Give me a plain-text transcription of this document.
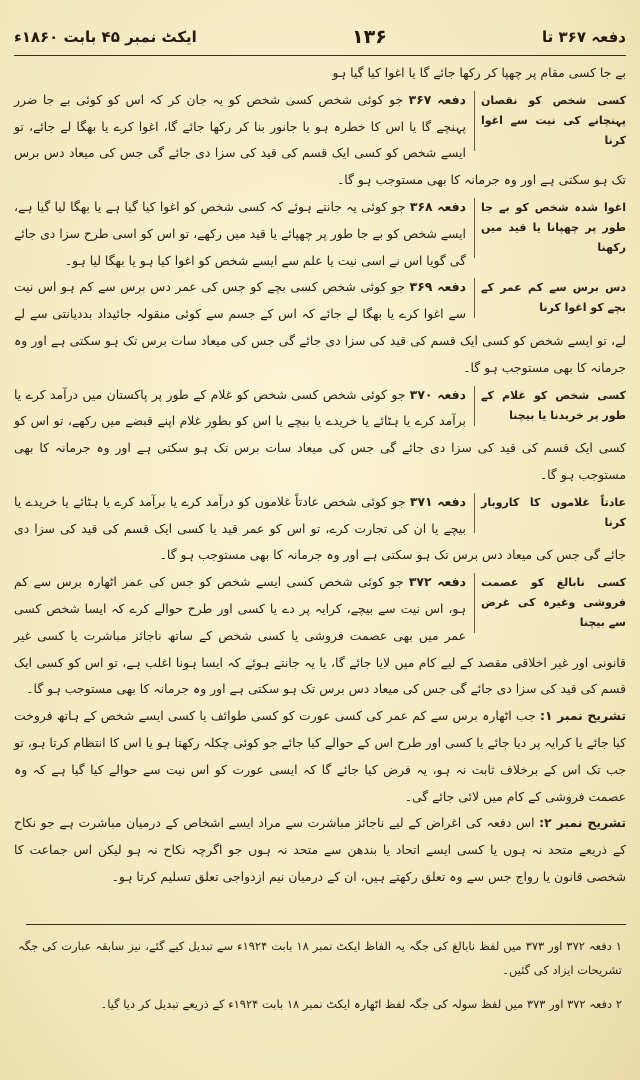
دفعہ ۳۶۷ تا
۱۳۶
ایکٹ نمبر ۴۵ بابت ۱۸۶۰ء

بے جا کسی مقام پر چھپا کر رکھا جائے گا یا اغوا کیا گیا ہو

کسی شخص کو نقصان پہنچانے کی نیت سے اغوا کرنا
دفعہ ۳۶۷ جو کوئی شخص کسی شخص کو یہ جان کر کہ اس کو کوئی بے جا ضرر پہنچے گا یا اس کا خطرہ ہو یا جانور بنا کر رکھا جائے گا، اغوا کرے یا بھگا لے جائے، تو ایسے شخص کو کسی ایک قسم کی قید کی سزا دی جائے گی جس کی میعاد دس برس تک ہو سکتی ہے اور وہ جرمانہ کا بھی مستوجب ہو گا۔
اغوا شدہ شخص کو بے جا طور پر چھپانا یا قید میں رکھنا
دفعہ ۳۶۸ جو کوئی یہ جانتے ہوئے کہ کسی شخص کو اغوا کیا گیا ہے یا بھگا لیا گیا ہے، ایسے شخص کو بے جا طور پر چھپائے یا قید میں رکھے، تو اس کو اسی طرح سزا دی جائے گی گویا اس نے اسی نیت یا علم سے ایسے شخص کو اغوا کیا ہو یا بھگا لیا ہو۔
دس برس سے کم عمر کے بچے کو اغوا کرنا
دفعہ ۳۶۹ جو کوئی شخص کسی بچے کو جس کی عمر دس برس سے کم ہو اس نیت سے اغوا کرے یا بھگا لے جائے کہ اس کے جسم سے کوئی منقولہ جائیداد بددیانتی سے لے لے، تو ایسے شخص کو کسی ایک قسم کی قید کی سزا دی جائے گی جس کی میعاد سات برس تک ہو سکتی ہے اور وہ جرمانہ کا بھی مستوجب ہو گا۔
کسی شخص کو غلام کے طور پر خریدنا یا بیچنا
دفعہ ۳۷۰ جو کوئی شخص کسی شخص کو غلام کے طور پر پاکستان میں درآمد کرے یا برآمد کرے یا ہٹائے یا خریدے یا بیچے یا اس کو بطور غلام اپنے قبضے میں رکھے، تو اس کو کسی ایک قسم کی قید کی سزا دی جائے گی جس کی میعاد سات برس تک ہو سکتی ہے اور وہ جرمانہ کا بھی مستوجب ہو گا۔
عادتاً غلاموں کا کاروبار کرنا
دفعہ ۳۷۱ جو کوئی شخص عادتاً غلاموں کو درآمد کرے یا برآمد کرے یا ہٹائے یا خریدے یا بیچے یا ان کی تجارت کرے، تو اس کو عمر قید یا کسی ایک قسم کی قید کی سزا دی جائے گی جس کی میعاد دس برس تک ہو سکتی ہے اور وہ جرمانہ کا بھی مستوجب ہو گا۔
کسی نابالغ کو عصمت فروشی وغیرہ کی غرض سے بیچنا
دفعہ ۳۷۲ جو کوئی شخص کسی ایسے شخص کو جس کی عمر اٹھارہ برس سے کم ہو، اس نیت سے بیچے، کرایہ پر دے یا کسی اور طرح حوالے کرے کہ ایسا شخص کسی عمر میں بھی عصمت فروشی یا کسی شخص کے ساتھ ناجائز مباشرت یا کسی غیر قانونی اور غیر اخلاقی مقصد کے لیے کام میں لایا جائے گا، یا یہ جانتے ہوئے کہ ایسا ہونا اغلب ہے، تو اس کو کسی ایک قسم کی قید کی سزا دی جائے گی جس کی میعاد دس برس تک ہو سکتی ہے اور وہ جرمانہ کا بھی مستوجب ہو گا۔

تشریح نمبر ۱: جب اٹھارہ برس سے کم عمر کی کسی عورت کو کسی طوائف یا کسی ایسے شخص کے ہاتھ فروخت کیا جائے یا کرایہ پر دیا جائے یا کسی اور طرح اس کے حوالے کیا جائے جو کوئی چکلہ رکھتا ہو یا اس کا انتظام کرتا ہو، تو جب تک اس کے برخلاف ثابت نہ ہو، یہ فرض کیا جائے گا کہ ایسی عورت کو اس نیت سے حوالے کیا گیا ہے کہ وہ عصمت فروشی کے کام میں لائی جائے گی۔

تشریح نمبر ۲: اس دفعہ کی اغراض کے لیے ناجائز مباشرت سے مراد ایسے اشخاص کے درمیان مباشرت ہے جو نکاح کے ذریعے متحد نہ ہوں یا کسی ایسے اتحاد یا بندھن سے متحد نہ ہوں جو اگرچہ نکاح نہ ہو لیکن اس جماعت کا شخصی قانون یا رواج جس سے وہ تعلق رکھتے ہیں، ان کے درمیان نیم ازدواجی تعلق تسلیم کرتا ہو۔

۱ دفعہ ۳۷۲ اور ۳۷۳ میں لفظ نابالغ کی جگہ یہ الفاظ ایکٹ نمبر ۱۸ بابت ۱۹۲۴ء سے تبدیل کیے گئے، نیز سابقہ عبارت کی جگہ تشریحات ایزاد کی گئیں۔

۲ دفعہ ۳۷۲ اور ۳۷۳ میں لفظ سولہ کی جگہ لفظ اٹھارہ ایکٹ نمبر ۱۸ بابت ۱۹۲۴ء کے ذریعے تبدیل کر دیا گیا۔
